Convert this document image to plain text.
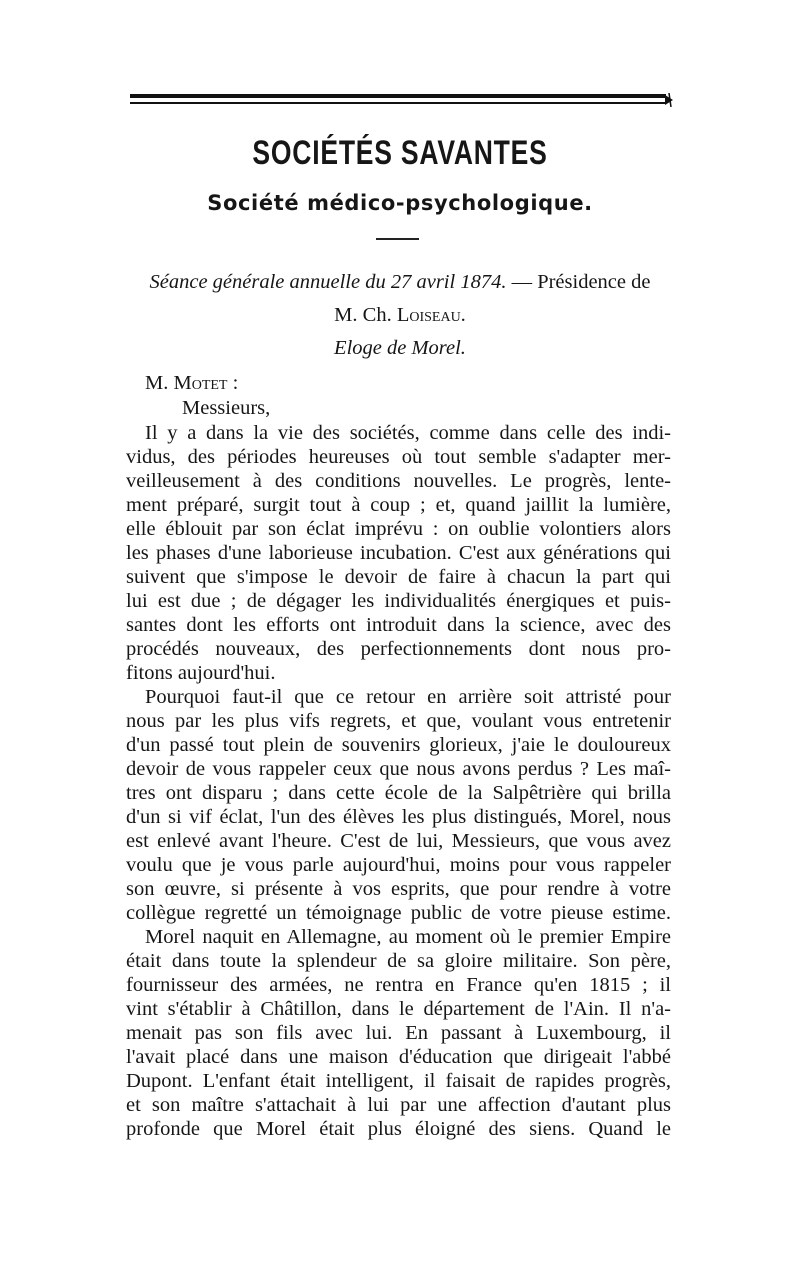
SOCIÉTÉS SAVANTES
Société médico-psychologique.
Séance générale annuelle du 27 avril 1874. — Présidence de
M. Ch. Loiseau.
Eloge de Morel.
M. Motet :
Messieurs,
Il y a dans la vie des sociétés, comme dans celle des indi-
vidus, des périodes heureuses où tout semble s'adapter mer-
veilleusement à des conditions nouvelles. Le progrès, lente-
ment préparé, surgit tout à coup ; et, quand jaillit la lumière,
elle éblouit par son éclat imprévu : on oublie volontiers alors
les phases d'une laborieuse incubation. C'est aux générations qui
suivent que s'impose le devoir de faire à chacun la part qui
lui est due ; de dégager les individualités énergiques et puis-
santes dont les efforts ont introduit dans la science, avec des
procédés nouveaux, des perfectionnements dont nous pro-
fitons aujourd'hui.
Pourquoi faut-il que ce retour en arrière soit attristé pour
nous par les plus vifs regrets, et que, voulant vous entretenir
d'un passé tout plein de souvenirs glorieux, j'aie le douloureux
devoir de vous rappeler ceux que nous avons perdus ? Les maî-
tres ont disparu ; dans cette école de la Salpêtrière qui brilla
d'un si vif éclat, l'un des élèves les plus distingués, Morel, nous
est enlevé avant l'heure. C'est de lui, Messieurs, que vous avez
voulu que je vous parle aujourd'hui, moins pour vous rappeler
son œuvre, si présente à vos esprits, que pour rendre à votre
collègue regretté un témoignage public de votre pieuse estime.
Morel naquit en Allemagne, au moment où le premier Empire
était dans toute la splendeur de sa gloire militaire. Son père,
fournisseur des armées, ne rentra en France qu'en 1815 ; il
vint s'établir à Châtillon, dans le département de l'Ain. Il n'a-
menait pas son fils avec lui. En passant à Luxembourg, il
l'avait placé dans une maison d'éducation que dirigeait l'abbé
Dupont. L'enfant était intelligent, il faisait de rapides progrès,
et son maître s'attachait à lui par une affection d'autant plus
profonde que Morel était plus éloigné des siens. Quand le
